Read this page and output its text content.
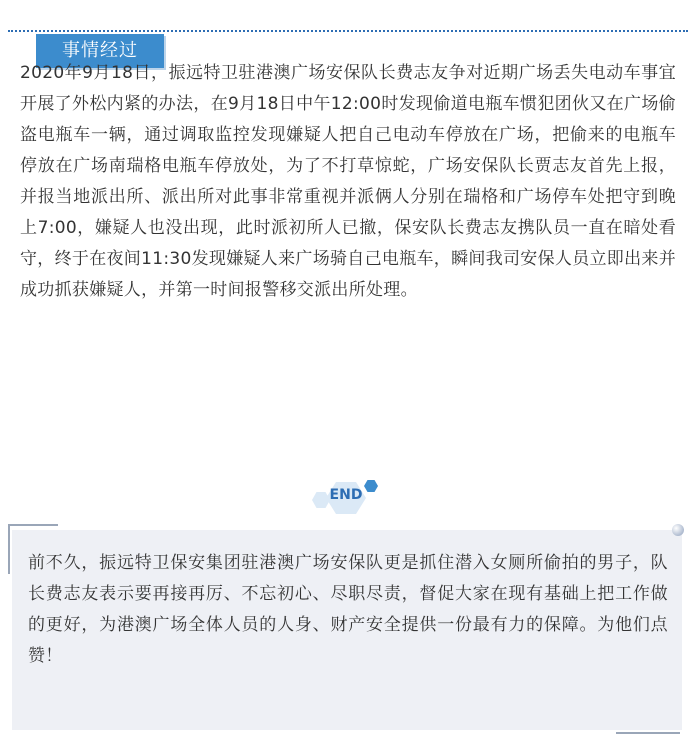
事情经过

2020年9月18日，振远特卫驻港澳广场安保队长费志友争对近期广场丢失电动车事宜开展了外松内紧的办法，在9月18日中午12:00时发现偷道电瓶车惯犯团伙又在广场偷盗电瓶车一辆，通过调取监控发现嫌疑人把自己电动车停放在广场，把偷来的电瓶车停放在广场南瑞格电瓶车停放处，为了不打草惊蛇，广场安保队长贾志友首先上报，并报当地派出所、派出所对此事非常重视并派俩人分别在瑞格和广场停车处把守到晚上7:00，嫌疑人也没出现，此时派初所人已撤，保安队长费志友携队员一直在暗处看守，终于在夜间11:30发现嫌疑人来广场骑自己电瓶车，瞬间我司安保人员立即出来并成功抓获嫌疑人，并第一时间报警移交派出所处理。

END

前不久，振远特卫保安集团驻港澳广场安保队更是抓住潜入女厕所偷拍的男子，队长费志友表示要再接再厉、不忘初心、尽职尽责，督促大家在现有基础上把工作做的更好，为港澳广场全体人员的人身、财产安全提供一份最有力的保障。为他们点赞！
